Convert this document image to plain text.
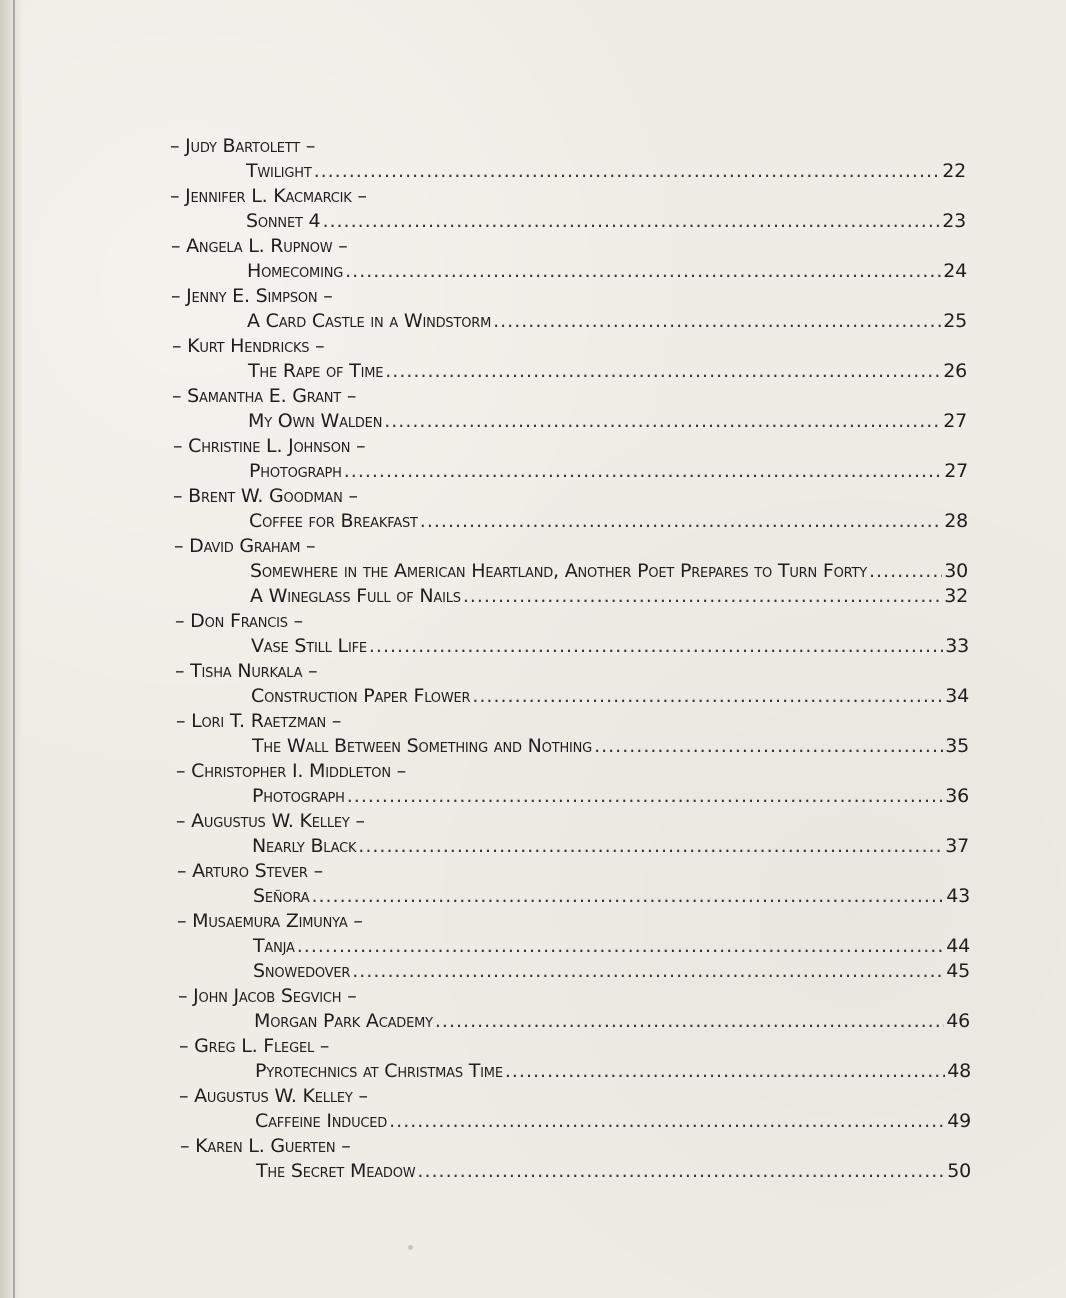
– Judy Bartolett –
Twilight .....	22
– Jennifer L. Kacmarcik –
Sonnet 4 .....	23
– Angela L. Rupnow –
Homecoming .....	24
– Jenny E. Simpson –
A Card Castle in a Windstorm .....	25
– Kurt Hendricks –
The Rape of Time .....	26
– Samantha E. Grant –
My Own Walden .....	27
– Christine L. Johnson –
Photograph .....	27
– Brent W. Goodman –
Coffee for Breakfast .....	28
– David Graham –
Somewhere in the American Heartland, Another Poet Prepares to Turn Forty .....	30
A Wineglass Full of Nails .....	32
– Don Francis –
Vase Still Life .....	33
– Tisha Nurkala –
Construction Paper Flower .....	34
– Lori T. Raetzman –
The Wall Between Something and Nothing .....	35
– Christopher I. Middleton –
Photograph .....	36
– Augustus W. Kelley –
Nearly Black .....	37
– Arturo Stever –
Señora .....	43
– Musaemura Zimunya –
Tanja .....	44
Snowedover .....	45
– John Jacob Segvich –
Morgan Park Academy .....	46
– Greg L. Flegel –
Pyrotechnics at Christmas Time .....	48
– Augustus W. Kelley –
Caffeine Induced .....	49
– Karen L. Guerten –
The Secret Meadow .....	50
